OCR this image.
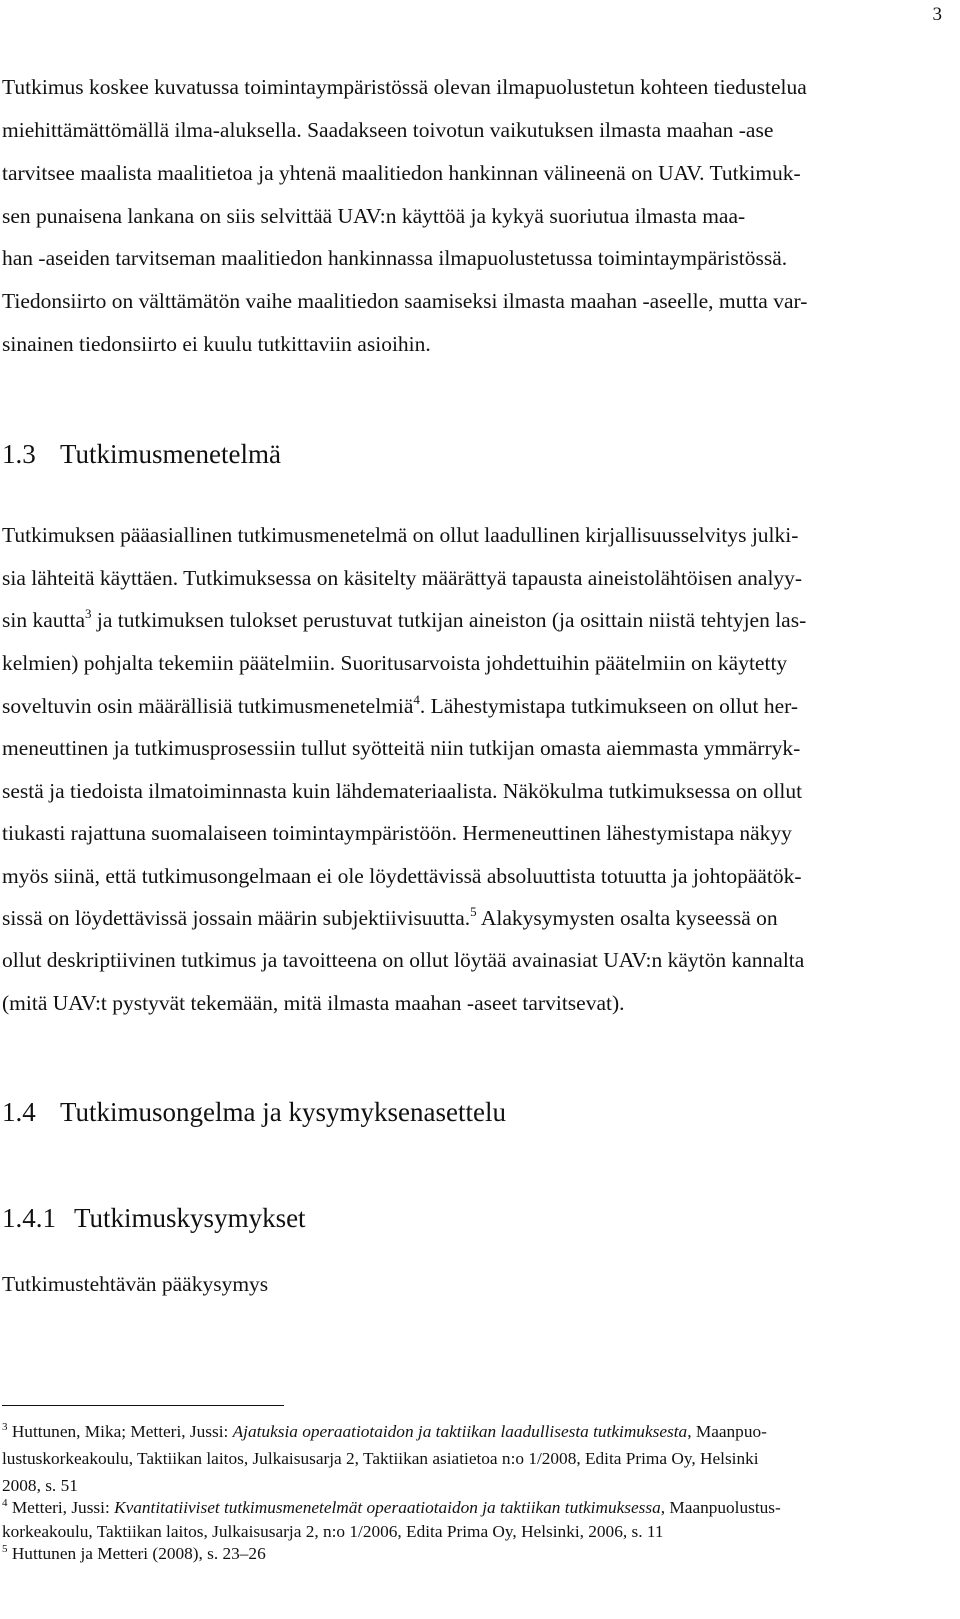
3

Tutkimus koskee kuvatussa toimintaympäristössä olevan ilmapuolustetun kohteen tiedustelua

miehittämättömällä ilma-aluksella. Saadakseen toivotun vaikutuksen ilmasta maahan -ase

tarvitsee maalista maalitietoa ja yhtenä maalitiedon hankinnan välineenä on UAV. Tutkimuk-

sen punaisena lankana on siis selvittää UAV:n käyttöä ja kykyä suoriutua ilmasta maa-

han -aseiden tarvitseman maalitiedon hankinnassa ilmapuolustetussa toimintaympäristössä.

Tiedonsiirto on välttämätön vaihe maalitiedon saamiseksi ilmasta maahan -aseelle, mutta var-

sinainen tiedonsiirto ei kuulu tutkittaviin asioihin.

1.3 Tutkimusmenetelmä

Tutkimuksen pääasiallinen tutkimusmenetelmä on ollut laadullinen kirjallisuusselvitys julki-

sia lähteitä käyttäen. Tutkimuksessa on käsitelty määrättyä tapausta aineistolähtöisen analyy-

sin kautta$^3$ ja tutkimuksen tulokset perustuvat tutkijan aineiston (ja osittain niistä tehtyjen las-

kelmien) pohjalta tekemiin päätelmiin. Suoritusarvoista johdettuihin päätelmiin on käytetty

soveltuvin osin määrällisiä tutkimusmenetelmiä$^4$. Lähestymistapa tutkimukseen on ollut her-

meneuttinen ja tutkimusprosessiin tullut syötteitä niin tutkijan omasta aiemmasta ymmärryk-

sestä ja tiedoista ilmatoiminnasta kuin lähdemateriaalista. Näkökulma tutkimuksessa on ollut

tiukasti rajattuna suomalaiseen toimintaympäristöön. Hermeneuttinen lähestymistapa näkyy

myös siinä, että tutkimusongelmaan ei ole löydettävissä absoluuttista totuutta ja johtopäätök-

sissä on löydettävissä jossain määrin subjektiivisuutta.$^5$ Alakysymysten osalta kyseessä on

ollut deskriptiivinen tutkimus ja tavoitteena on ollut löytää avainasiat UAV:n käytön kannalta

(mitä UAV:t pystyvät tekemään, mitä ilmasta maahan -aseet tarvitsevat).

1.4 Tutkimusongelma ja kysymyksenasettelu
1.4.1 Tutkimuskysymykset

Tutkimustehtävän pääkysymys

$^3$ Huttunen, Mika; Metteri, Jussi: Ajatuksia operaatiotaidon ja taktiikan laadullisesta tutkimuksesta, Maanpuo-

lustuskorkeakoulu, Taktiikan laitos, Julkaisusarja 2, Taktiikan asiatietoa n:o 1/2008, Edita Prima Oy, Helsinki

2008, s. 51

$^4$ Metteri, Jussi: Kvantitatiiviset tutkimusmenetelmät operaatiotaidon ja taktiikan tutkimuksessa, Maanpuolustus-

korkeakoulu, Taktiikan laitos, Julkaisusarja 2, n:o 1/2006, Edita Prima Oy, Helsinki, 2006, s. 11

$^5$ Huttunen ja Metteri (2008), s. 23–26
